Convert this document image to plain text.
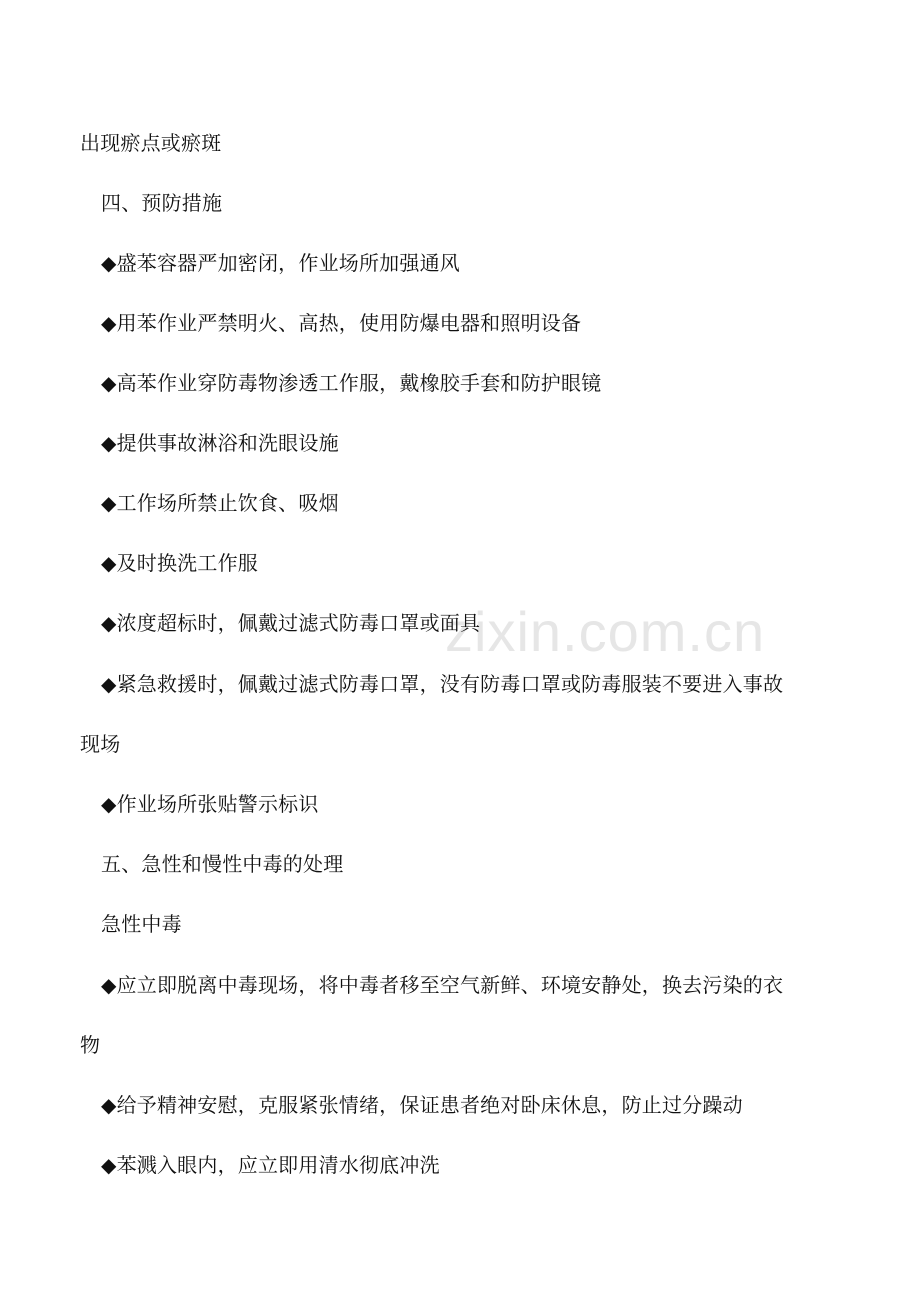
zixin.com.cn
出现瘀点或瘀斑
四、预防措施
◆盛苯容器严加密闭，作业场所加强通风
◆用苯作业严禁明火、高热，使用防爆电器和照明设备
◆高苯作业穿防毒物渗透工作服，戴橡胶手套和防护眼镜
◆提供事故淋浴和洗眼设施
◆工作场所禁止饮食、吸烟
◆及时换洗工作服
◆浓度超标时，佩戴过滤式防毒口罩或面具
◆紧急救援时，佩戴过滤式防毒口罩，没有防毒口罩或防毒服装不要进入事故
现场
◆作业场所张贴警示标识
五、急性和慢性中毒的处理
急性中毒
◆应立即脱离中毒现场，将中毒者移至空气新鲜、环境安静处，换去污染的衣
物
◆给予精神安慰，克服紧张情绪，保证患者绝对卧床休息，防止过分躁动
◆苯溅入眼内，应立即用清水彻底冲洗
